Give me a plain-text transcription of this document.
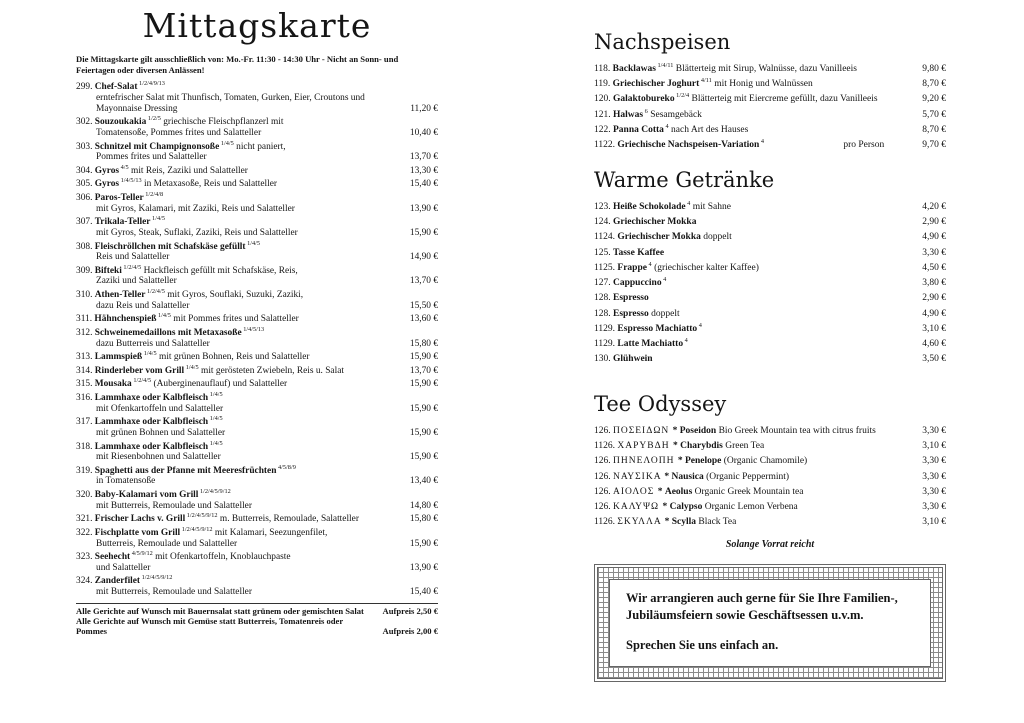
Mittagskarte

Die Mittagskarte gilt ausschließlich von: Mo.-Fr. 11:30 - 14:30 Uhr - Nicht an Sonn- und Feiertagen oder diversen Anlässen!

299. Chef-Salat $^{1/2/4/9/13}$
erntefrischer Salat mit Thunfisch, Tomaten, Gurken, Eier, Croutons und Mayonnaise Dressing	11,20 €
302. Souzoukakia $^{1/2/5}$ griechische Fleischpflanzerl mit
Tomatensoße, Pommes frites und Salatteller	10,40 €
303. Schnitzel mit Champignonsoße $^{1/4/5}$ nicht paniert,
Pommes frites und Salatteller	13,70 €
304. Gyros $^{4/5}$ mit Reis, Zaziki und Salatteller	13,30 €
305. Gyros $^{1/4/5/13}$ in Metaxasoße, Reis und Salatteller	15,40 €
306. Paros-Teller $^{1/2/4/8}$
mit Gyros, Kalamari, mit Zaziki, Reis und Salatteller	13,90 €
307. Trikala-Teller $^{1/4/5}$
mit Gyros, Steak, Suflaki, Zaziki, Reis und Salatteller	15,90 €
308. Fleischröllchen mit Schafskäse gefüllt $^{1/4/5}$
Reis und Salatteller	14,90 €
309. Bifteki $^{1/2/4/5}$ Hackfleisch gefüllt mit Schafskäse, Reis,
Zaziki und Salatteller	13,70 €
310. Athen-Teller $^{1/2/4/5}$ mit Gyros, Souflaki, Suzuki, Zaziki,
dazu Reis und Salatteller	15,50 €
311. Hähnchenspieß $^{1/4/5}$ mit Pommes frites und Salatteller	13,60 €
312. Schweinemedaillons mit Metaxasoße $^{1/4/5/13}$
dazu Butterreis und Salatteller	15,80 €
313. Lammspieß $^{1/4/5}$ mit grünen Bohnen, Reis und Salatteller	15,90 €
314. Rinderleber vom Grill $^{1/4/5}$ mit gerösteten Zwiebeln, Reis u. Salat	13,70 €
315. Mousaka $^{1/2/4/5}$ (Auberginenauflauf) und Salatteller	15,90 €
316. Lammhaxe oder Kalbfleisch $^{1/4/5}$
mit Ofenkartoffeln und Salatteller	15,90 €
317. Lammhaxe oder Kalbfleisch $^{1/4/5}$
mit grünen Bohnen und Salatteller	15,90 €
318. Lammhaxe oder Kalbfleisch $^{1/4/5}$
mit Riesenbohnen und Salatteller	15,90 €
319. Spaghetti aus der Pfanne mit Meeresfrüchten $^{4/5/8/9}$
in Tomatensoße	13,40 €
320. Baby-Kalamari vom Grill $^{1/2/4/5/9/12}$
mit Butterreis, Remoulade und Salatteller	14,80 €
321. Frischer Lachs v. Grill $^{1/2/4/5/9/12}$ m. Butterreis, Remoulade, Salatteller	15,80 €
322. Fischplatte vom Grill $^{1/2/4/5/9/12}$ mit Kalamari, Seezungenfilet,
Butterreis, Remoulade und Salatteller	15,90 €
323. Seehecht $^{4/5/9/12}$ mit Ofenkartoffeln, Knoblauchpaste
und Salatteller	13,90 €
324. Zanderfilet $^{1/2/4/5/9/12}$
mit Butterreis, Remoulade und Salatteller	15,40 €
Alle Gerichte auf Wunsch mit Bauernsalat statt grünem oder gemischten Salat	Aufpreis 2,50 €
Alle Gerichte auf Wunsch mit Gemüse statt Butterreis, Tomatenreis oder Pommes	Aufpreis 2,00 €
Nachspeisen
118. Backlawas $^{1/4/11}$ Blätterteig mit Sirup, Walnüsse, dazu Vanilleeis	9,80 €
119. Griechischer Joghurt $^{4/11}$ mit Honig und Walnüssen	8,70 €
120. Galaktobureko $^{1/2/4}$ Blätterteig mit Eiercreme gefüllt, dazu Vanilleeis	9,20 €
121. Halwas $^6$ Sesamgebäck	5,70 €
122. Panna Cotta $^4$ nach Art des Hauses	8,70 €
1122. Griechische Nachspeisen-Variation $^4$	pro Person	9,70 €
Warme Getränke
123. Heiße Schokolade $^4$ mit Sahne	4,20 €
124. Griechischer Mokka	2,90 €
1124. Griechischer Mokka doppelt	4,90 €
125. Tasse Kaffee	3,30 €
1125. Frappe $^4$ (griechischer kalter Kaffee)	4,50 €
127. Cappuccino $^4$	3,80 €
128. Espresso	2,90 €
128. Espresso doppelt	4,90 €
1129. Espresso Machiatto $^4$	3,10 €
1129. Latte Machiatto $^4$	4,60 €
130. Glühwein	3,50 €
Tee Odyssey
126. ΠΟΣΕΙΔΩΝ * Poseidon Bio Greek Mountain tea with citrus fruits	3,30 €
1126. ΧΑΡΥΒΔΗ * Charybdis Green Tea	3,10 €
126. ΠΗΝΕΛΟΠΗ * Penelope (Organic Chamomile)	3,30 €
126. ΝΑΥΣΙΚΑ * Nausica (Organic Peppermint)	3,30 €
126. ΑΙΟΛΟΣ * Aeolus Organic Greek Mountain tea	3,30 €
126. ΚΑΛΥΨΩ * Calypso Organic Lemon Verbena	3,30 €
1126. ΣΚΥΛΛΑ * Scylla Black Tea	3,10 €

Solange Vorrat reicht

Wir arrangieren auch gerne für Sie Ihre Familien-, Jubiläumsfeiern sowie Geschäftsessen u.v.m.

Sprechen Sie uns einfach an.
